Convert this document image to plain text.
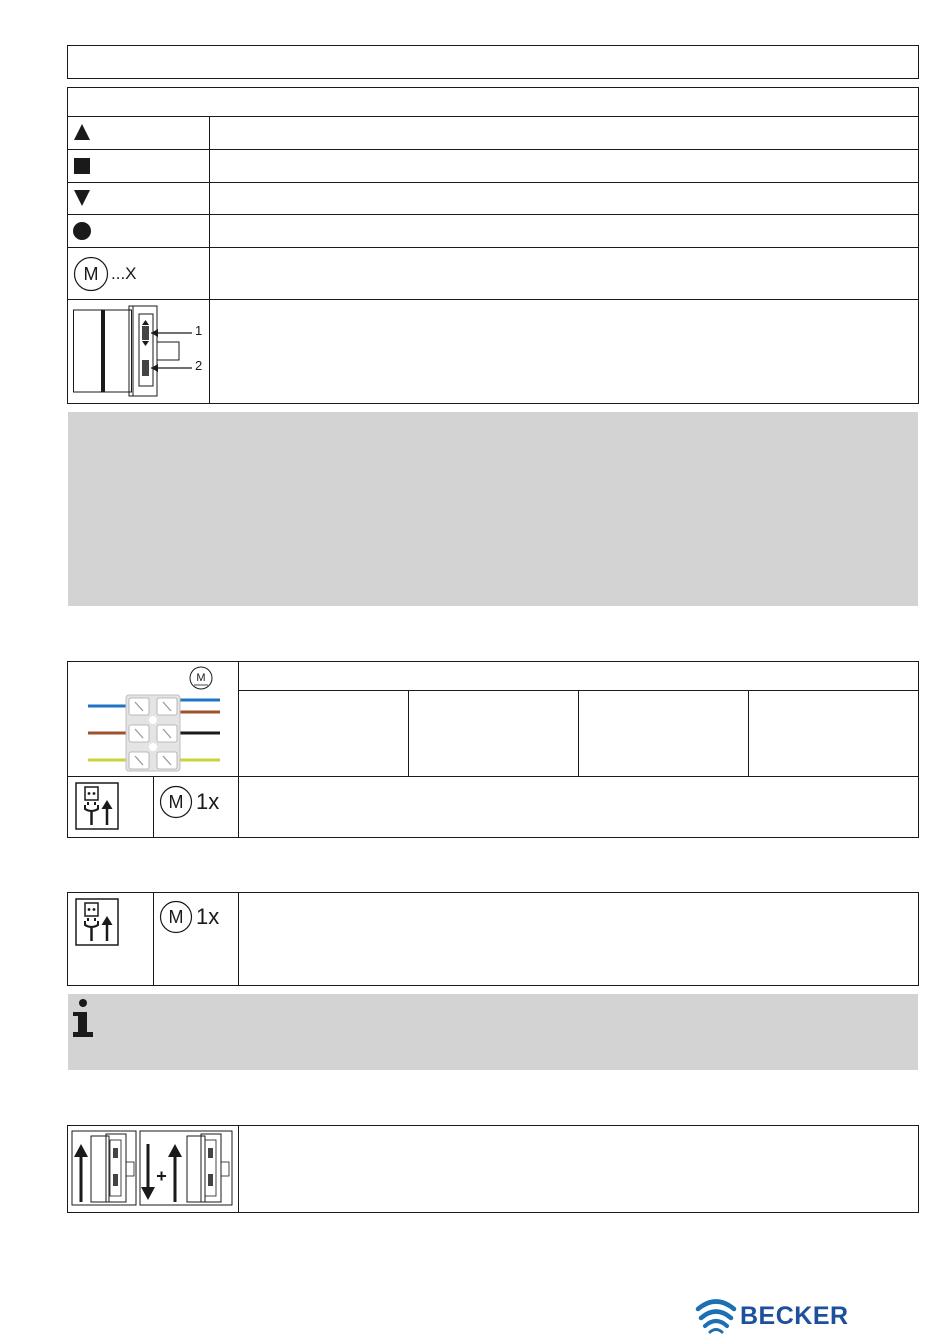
M ...X
1
2
M
M 1x
M 1x
BECKER
